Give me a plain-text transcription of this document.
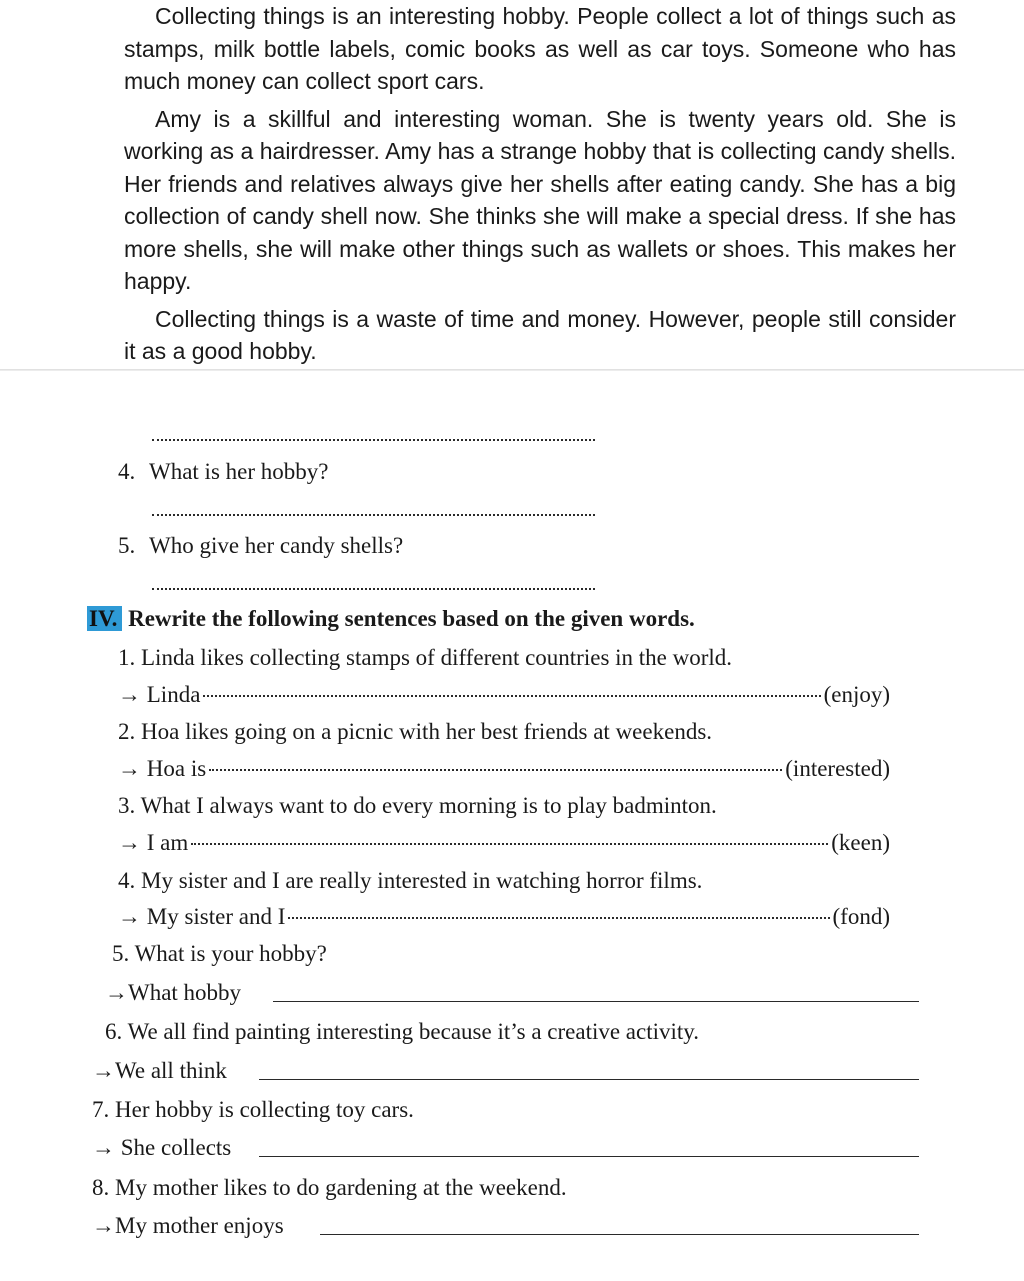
Collecting things is an interesting hobby. People collect a lot of things such as stamps, milk bottle labels, comic books as well as car toys. Someone who has much money can collect sport cars.

Amy is a skillful and interesting woman. She is twenty years old. She is working as a hairdresser. Amy has a strange hobby that is collecting candy shells. Her friends and relatives always give her shells after eating candy. She has a big collection of candy shell now. She thinks she will make a special dress. If she has more shells, she will make other things such as wallets or shoes. This makes her happy.

Collecting things is a waste of time and money. However, people still consider it as a good hobby.

4. What is her hobby?
5. Who give her candy shells?
IV. Rewrite the following sentences based on the given words.
1. Linda likes collecting stamps of different countries in the world.
→ Linda	(enjoy)
2. Hoa likes going on a picnic with her best friends at weekends.
→ Hoa is	(interested)
3. What I always want to do every morning is to play badminton.
→ I am	(keen)
4. My sister and I are really interested in watching horror films.
→ My sister and I	(fond)
5. What is your hobby?
→What hobby
6. We all find painting interesting because it’s a creative activity.
→We all think
7. Her hobby is collecting toy cars.
→ She collects
8. My mother likes to do gardening at the weekend.
→My mother enjoys
